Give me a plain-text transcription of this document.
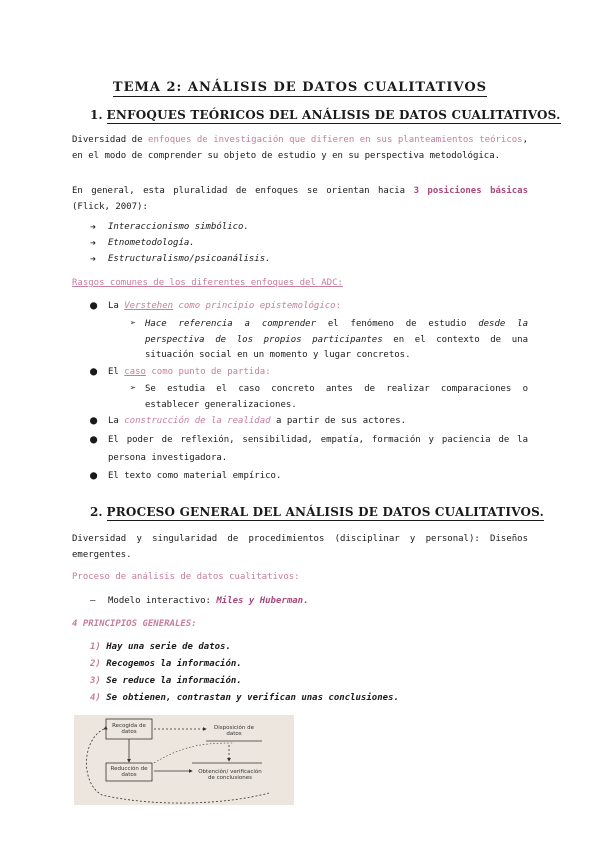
TEMA 2: ANÁLISIS DE DATOS CUALITATIVOS
1. ENFOQUES TEÓRICOS DEL ANÁLISIS DE DATOS CUALITATIVOS.
Diversidad de enfoques de investigación que difieren en sus planteamientos teóricos, en el modo de comprender su objeto de estudio y en su perspectiva metodológica.
En general, esta pluralidad de enfoques se orientan hacia 3 posiciones básicas (Flick, 2007):
➔ Interaccionismo simbólico.
➔ Etnometodología.
➔ Estructuralismo/psicoanálisis.
Rasgos comunes de los diferentes enfoques del ADC:
● La Verstehen como principio epistemológico:
➢ Hace referencia a comprender el fenómeno de estudio desde la perspectiva de los propios participantes en el contexto de una situación social en un momento y lugar concretos.
● El caso como punto de partida:
➢ Se estudia el caso concreto antes de realizar comparaciones o establecer generalizaciones.
● La construcción de la realidad a partir de sus actores.
● El poder de reflexión, sensibilidad, empatía, formación y paciencia de la persona investigadora.
● El texto como material empírico.
2. PROCESO GENERAL DEL ANÁLISIS DE DATOS CUALITATIVOS.
Diversidad y singularidad de procedimientos (disciplinar y personal): Diseños emergentes.
Proceso de análisis de datos cualitativos:
– Modelo interactivo: Miles y Huberman.
4 PRINCIPIOS GENERALES:
1) Hay una serie de datos.
2) Recogemos la información.
3) Se reduce la información.
4) Se obtienen, contrastan y verifican unas conclusiones.
Recogida de datos
Disposición de datos
Reducción de datos	Obtención/ verificación de conclusiones
